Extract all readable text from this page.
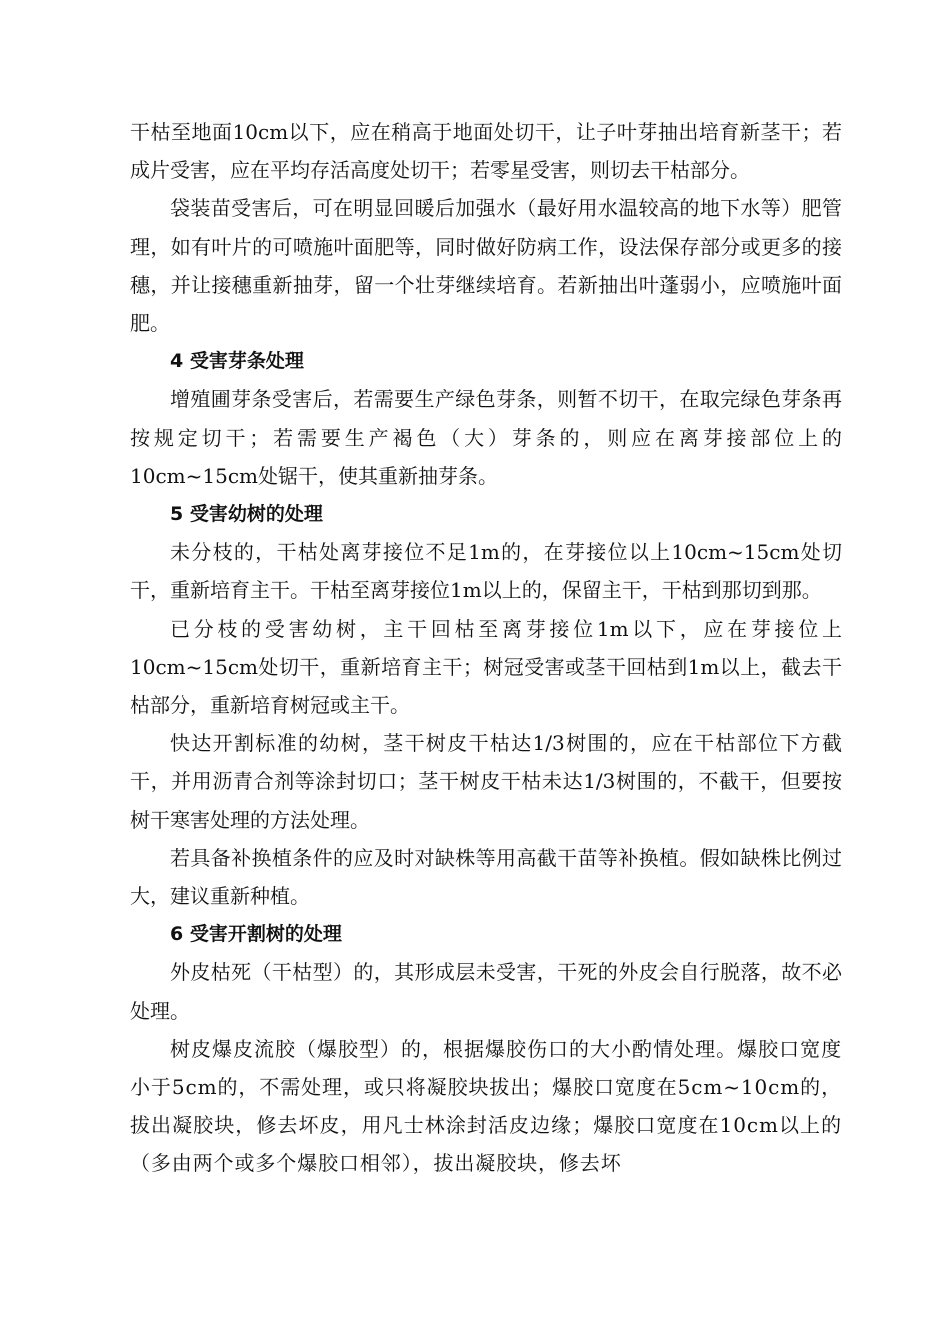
干枯至地面10cm以下，应在稍高于地面处切干，让子叶芽抽出培育新茎干；若成片受害，应在平均存活高度处切干；若零星受害，则切去干枯部分。

袋装苗受害后，可在明显回暖后加强水（最好用水温较高的地下水等）肥管理，如有叶片的可喷施叶面肥等，同时做好防病工作，设法保存部分或更多的接穗，并让接穗重新抽芽，留一个壮芽继续培育。若新抽出叶蓬弱小，应喷施叶面肥。

4 受害芽条处理

增殖圃芽条受害后，若需要生产绿色芽条，则暂不切干，在取完绿色芽条再按规定切干；若需要生产褐色（大）芽条的，则应在离芽接部位上的10cm~15cm处锯干，使其重新抽芽条。

5 受害幼树的处理

未分枝的，干枯处离芽接位不足1m的，在芽接位以上10cm~15cm处切干，重新培育主干。干枯至离芽接位1m以上的，保留主干，干枯到那切到那。

已分枝的受害幼树，主干回枯至离芽接位1m以下，应在芽接位上10cm~15cm处切干，重新培育主干；树冠受害或茎干回枯到1m以上，截去干枯部分，重新培育树冠或主干。

快达开割标准的幼树，茎干树皮干枯达1/3树围的，应在干枯部位下方截干，并用沥青合剂等涂封切口；茎干树皮干枯未达1/3树围的，不截干，但要按树干寒害处理的方法处理。

若具备补换植条件的应及时对缺株等用高截干苗等补换植。假如缺株比例过大，建议重新种植。

6 受害开割树的处理

外皮枯死（干枯型）的，其形成层未受害，干死的外皮会自行脱落，故不必处理。

树皮爆皮流胶（爆胶型）的，根据爆胶伤口的大小酌情处理。爆胶口宽度小于5cm的，不需处理，或只将凝胶块拔出；爆胶口宽度在5cm~10cm的，拔出凝胶块，修去坏皮，用凡士林涂封活皮边缘；爆胶口宽度在10cm以上的（多由两个或多个爆胶口相邻），拔出凝胶块，修去坏
